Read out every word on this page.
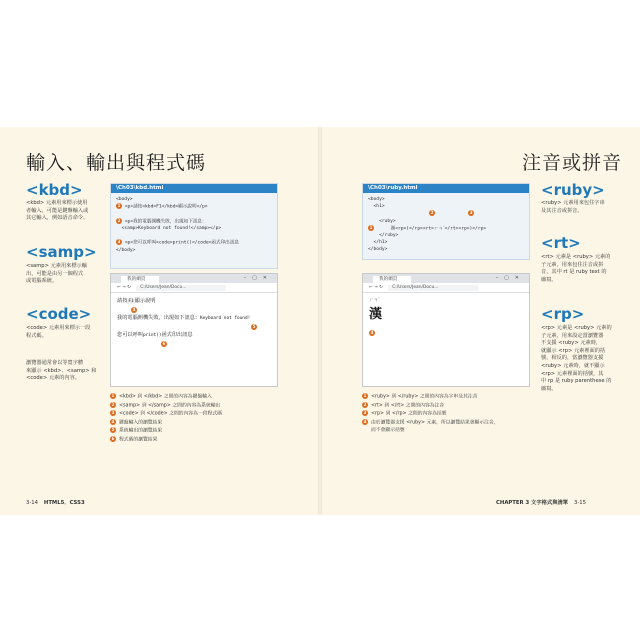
輸入、輸出與程式碼
<kbd>
<kbd> 元素用來標示使用
者輸入，可能是鍵盤輸入或
其它輸入，例如語音命令。
<samp>
<samp> 元素用來標示輸
出，可能是由另一個程式
或電腦系統。
<code>
<code> 元素用來標示一段
程式碼。
瀏覽器通常會以等寬字體
來顯示 <kbd>、<samp> 和
<code> 元素的內容。
\Ch03\kbd.html
<body>
1 <p>請按<kbd>F1</kbd>顯示說明</p>

2 <p>我的電腦開機失敗，出現如下訊息：
<samp>Keyboard not found!</samp></p>

3 <p>您可以呼叫<code>print()</code>函式印出訊息
</body>
我的網頁	–▢✕
← → ↻ C:/Users/Jean/Docu...
請按F1顯示說明
4
我的電腦開機失敗，出現如下訊息：Keyboard not found!
5
您可以呼叫print()函式印出訊息
6
1 <kbd> 到 </kbd> 之間的內容為鍵盤輸入
2 <samp> 到 </samp> 之間的內容為系統輸出
3 <code> 到 </code> 之間的內容為一段程式碼
4 鍵盤輸入的瀏覽結果
5 系統輸出的瀏覽結果
6 程式碼的瀏覽結果
3-14 HTML5．CSS3
注音或拼音
\Ch03\ruby.html
<body>
<h1>
2	3
<ruby>
1      漢<rp>(</rp><rt>ㄏㄢˋ</rt><rp>)</rp>
</ruby>
</h1>
</body>
我的網頁	–▢✕
← → ↻ C:/Users/Jean/Docu...
ㄏㄢˋ
漢
4
1 <ruby> 到 </ruby> 之間的內容為字串及其注音
2 <rt> 到 </rt> 之間的內容為注音
3 <rp> 到 </rp> 之間的內容為括號
4 由於瀏覽器支援 <ruby> 元素，所以瀏覽結果會顯示注音，
而不會顯示括號
<ruby>
<ruby> 元素用來包住字串
及其注音或拼音。
<rt>
<rt> 元素是 <ruby> 元素的
子元素，用來包住注音或拼
音，其中 rt 是 ruby text 的
縮寫。
<rp>
<rp> 元素是 <ruby> 元素的
子元素，用來設定當瀏覽器
不支援 <ruby> 元素時，
就顯示 <rp> 元素裡面的括
號，相反的，當瀏覽器支援
<ruby> 元素時，就不顯示
<rp> 元素裡面的括號，其
中 rp 是 ruby parenthese 的
縮寫。
CHAPTER 3 文字格式與清單 3-15
